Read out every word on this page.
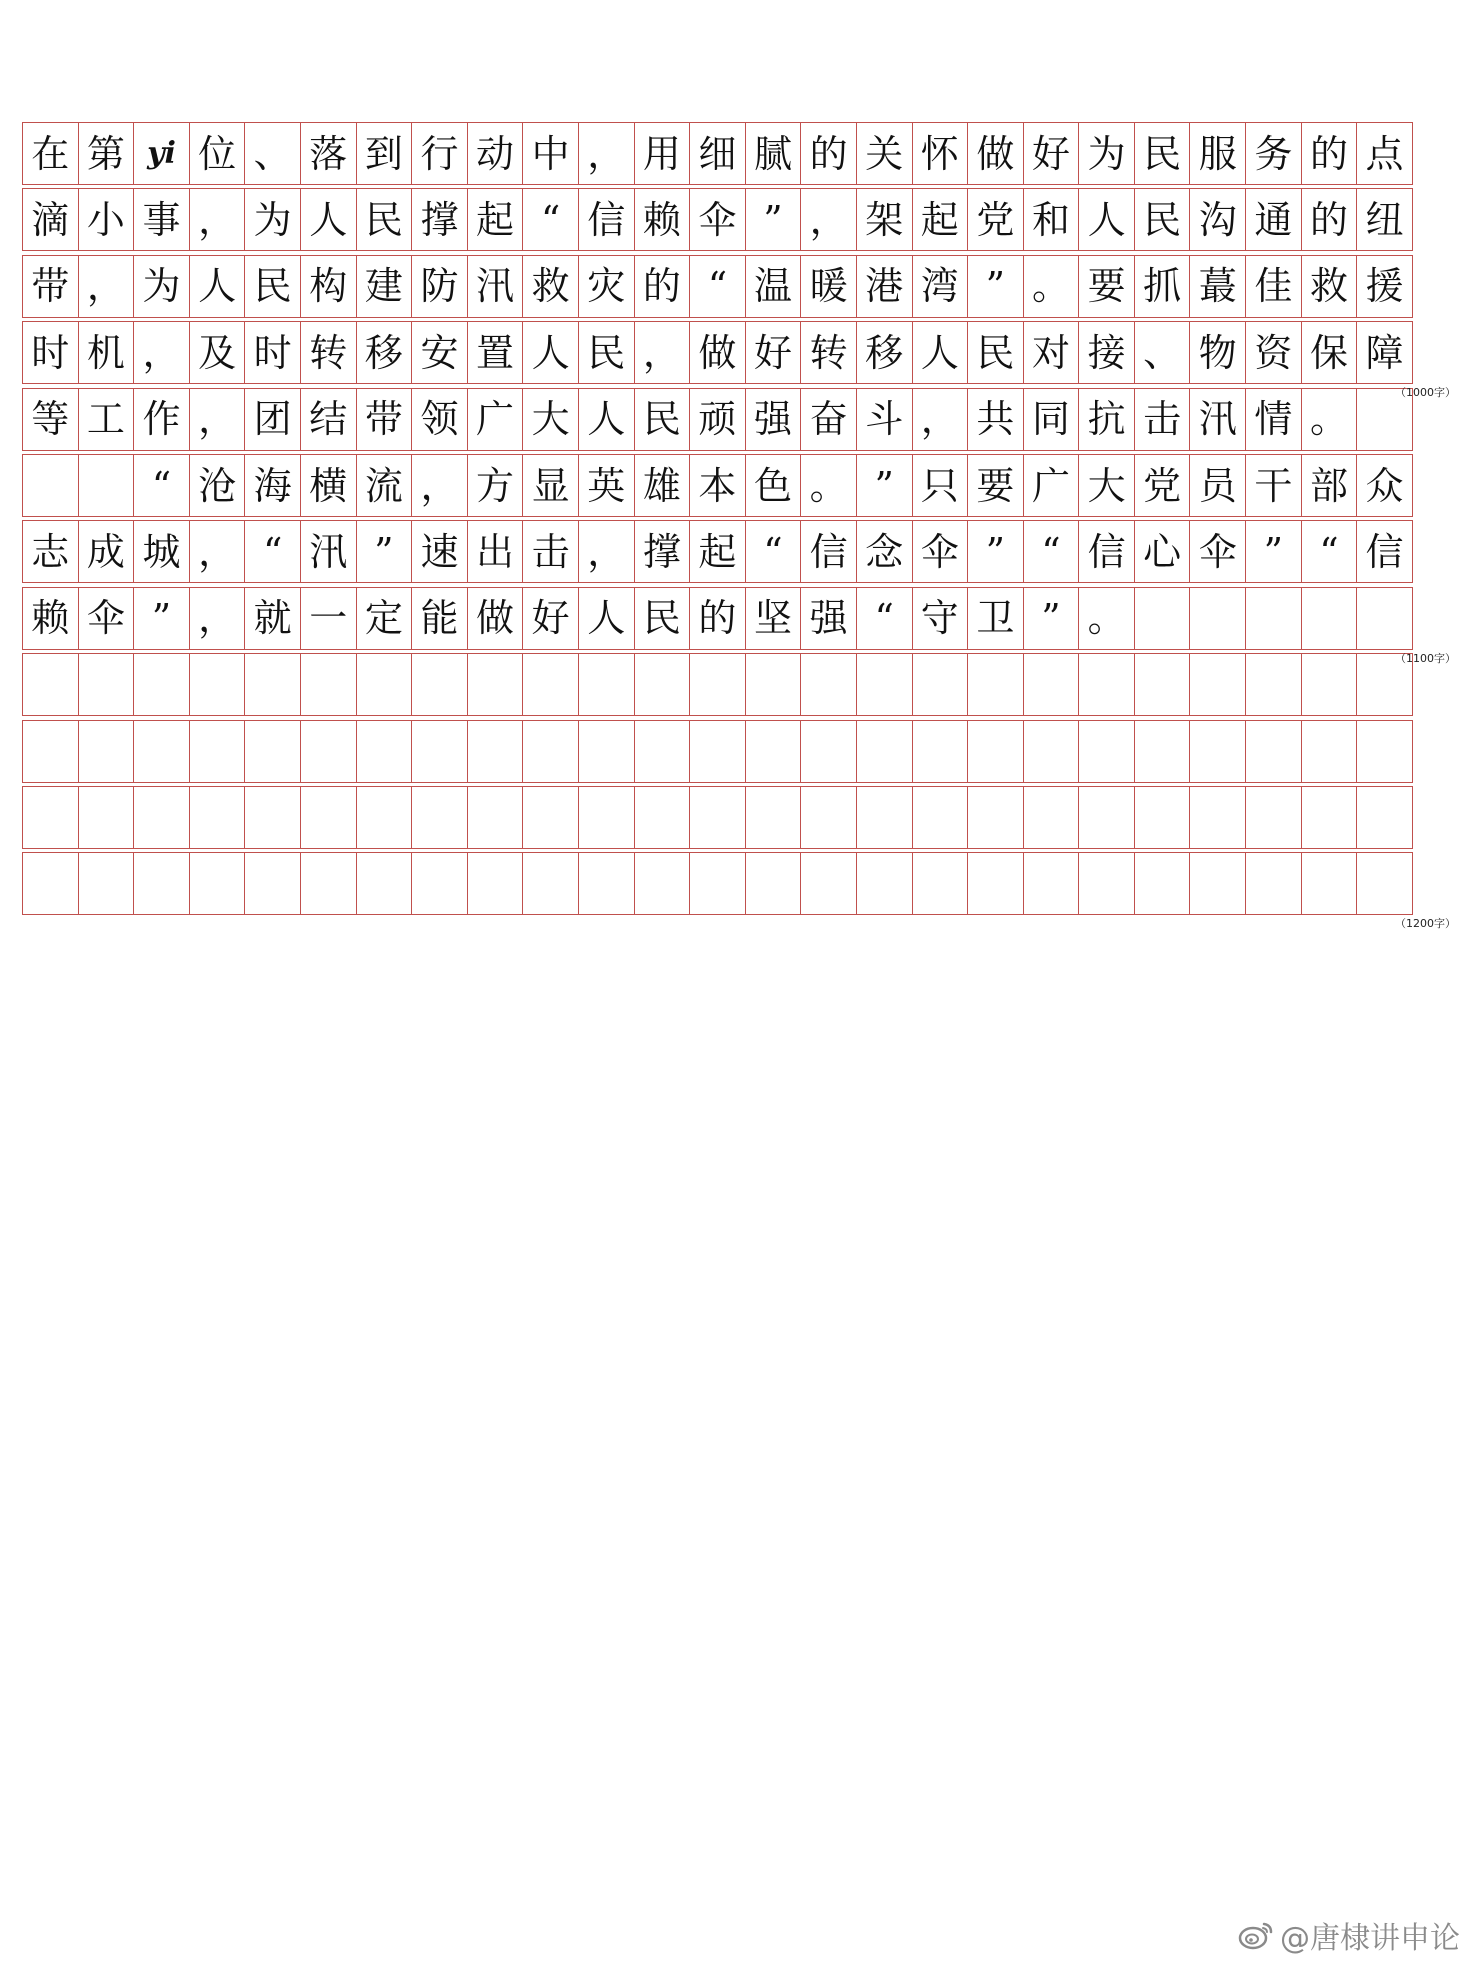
在 第 yi 位 、 落 到 行 动 中 ， 用 细 腻 的 关 怀 做 好 为 民 服 务 的 点
滴 小 事 ， 为 人 民 撑 起 “ 信 赖 伞 ” ， 架 起 党 和 人 民 沟 通 的 纽
带 ， 为 人 民 构 建 防 汛 救 灾 的 “ 温 暖 港 湾 ” 。 要 抓 蕞 佳 救 援
时 机 ， 及 时 转 移 安 置 人 民 ， 做 好 转 移 人 民 对 接 、 物 资 保 障
等 工 作 ， 团 结 带 领 广 大 人 民 顽 强 奋 斗 ， 共 同 抗 击 汛 情 。
“ 沧 海 横 流 ， 方 显 英 雄 本 色 。 ” 只 要 广 大 党 员 干 部 众
志 成 城 ， “ 汛 ” 速 出 击 ， 撑 起 “ 信 念 伞 ” “ 信 心 伞 ” “ 信
赖 伞 ” ， 就 一 定 能 做 好 人 民 的 坚 强 “ 守 卫 ” 。
@唐棣讲申论
（1000字）
（1100字）
（1200字）
